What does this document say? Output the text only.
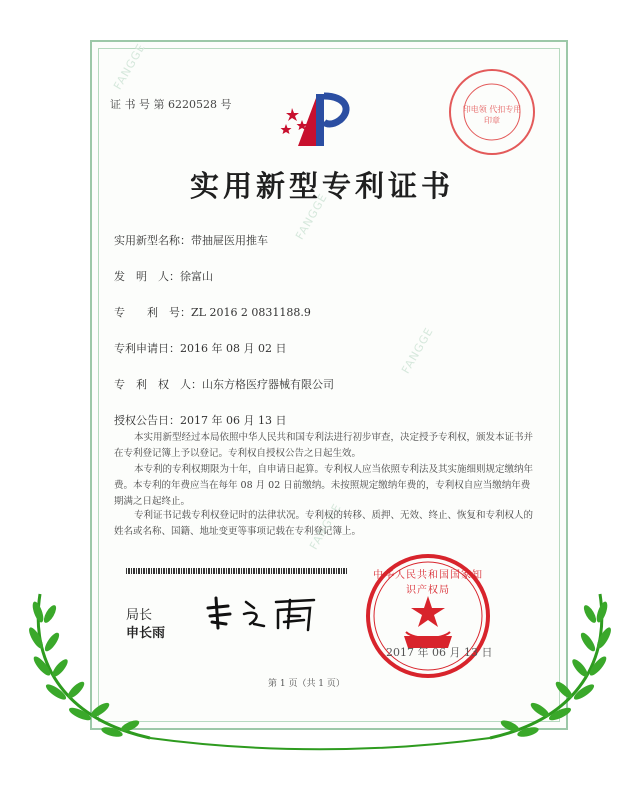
FANGGE
FANGGE
FANGGE
FANGGE
证 书 号 第 6220528 号	印电领 代扣专用印章
实用新型专利证书
实用新型名称：带抽屉医用推车
发　明　人：徐富山
专　　利　号：ZL 2016 2 0831188.9
专利申请日：2016 年 08 月 02 日
专　利　权　人：山东方格医疗器械有限公司
授权公告日：2017 年 06 月 13 日

本实用新型经过本局依照中华人民共和国专利法进行初步审查，决定授予专利权，颁发本证书并在专利登记簿上予以登记。专利权自授权公告之日起生效。

本专利的专利权期限为十年，自申请日起算。专利权人应当依照专利法及其实施细则规定缴纳年费。本专利的年费应当在每年 08 月 02 日前缴纳。未按照规定缴纳年费的，专利权自应当缴纳年费期满之日起终止。

专利证书记载专利权登记时的法律状况。专利权的转移、质押、无效、终止、恢复和专利权人的姓名或名称、国籍、地址变更等事项记载在专利登记簿上。

局长
申长雨
中华人民共和国国家知识产权局
2017 年 06 月 13 日
第 1 页（共 1 页）
